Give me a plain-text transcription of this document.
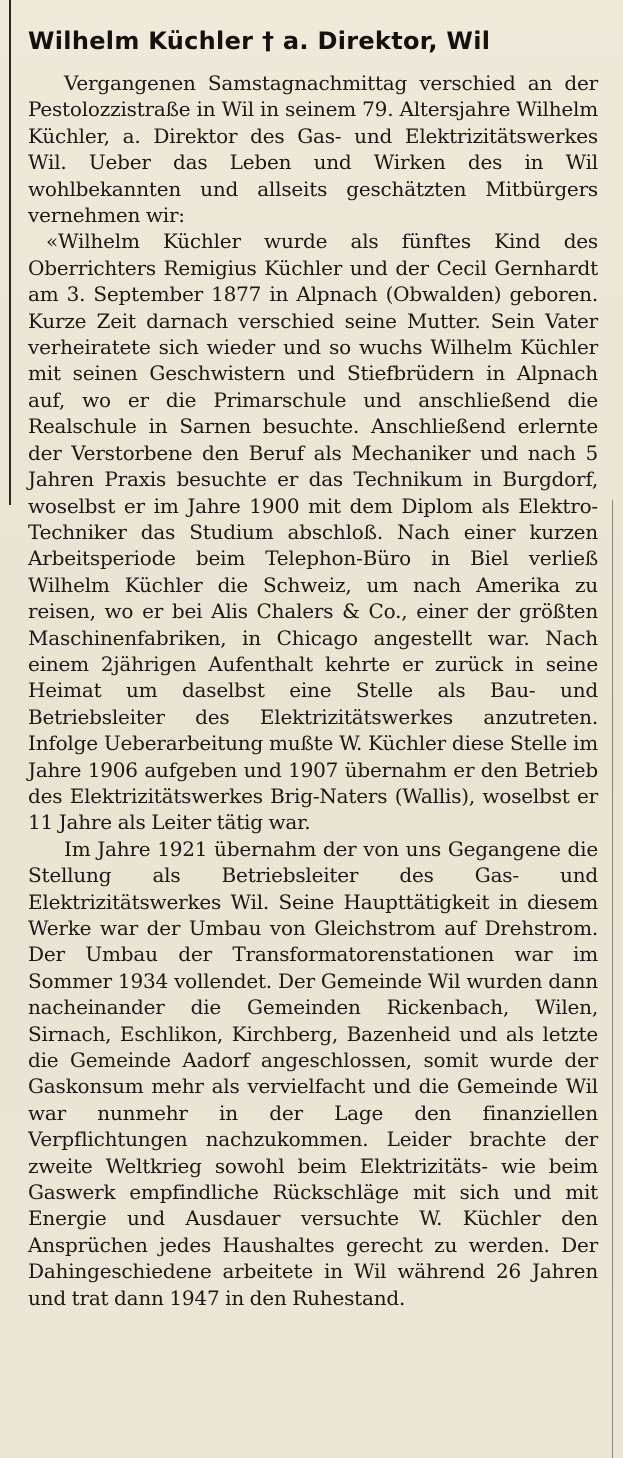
Wilhelm Küchler † a. Direktor, Wil

Vergangenen Samstagnachmittag verschied an der Pestolozzistraße in Wil in seinem 79. Altersjahre Wilhelm Küchler, a. Direktor des Gas- und Elektrizitätswerkes Wil. Ueber das Leben und Wirken des in Wil wohlbekannten und allseits geschätzten Mitbürgers vernehmen wir:

«Wilhelm Küchler wurde als fünftes Kind des Oberrichters Remigius Küchler und der Cecil Gernhardt am 3. September 1877 in Alpnach (Obwalden) geboren. Kurze Zeit darnach verschied seine Mutter. Sein Vater verheiratete sich wieder und so wuchs Wilhelm Küchler mit seinen Geschwistern und Stiefbrüdern in Alpnach auf, wo er die Primarschule und anschließend die Realschule in Sarnen besuchte. Anschließend erlernte der Verstorbene den Beruf als Mechaniker und nach 5 Jahren Praxis besuchte er das Technikum in Burgdorf, woselbst er im Jahre 1900 mit dem Diplom als Elektro-Techniker das Studium abschloß. Nach einer kurzen Arbeitsperiode beim Telephon-Büro in Biel verließ Wilhelm Küchler die Schweiz, um nach Amerika zu reisen, wo er bei Alis Chalers & Co., einer der größten Maschinenfabriken, in Chicago angestellt war. Nach einem 2jährigen Aufenthalt kehrte er zurück in seine Heimat um daselbst eine Stelle als Bau- und Betriebsleiter des Elektrizitätswerkes anzutreten. Infolge Ueberarbeitung mußte W. Küchler diese Stelle im Jahre 1906 aufgeben und 1907 übernahm er den Betrieb des Elektrizitätswerkes Brig-Naters (Wallis), woselbst er 11 Jahre als Leiter tätig war.

Im Jahre 1921 übernahm der von uns Gegangene die Stellung als Betriebsleiter des Gas- und Elektrizitätswerkes Wil. Seine Haupttätigkeit in diesem Werke war der Umbau von Gleichstrom auf Drehstrom. Der Umbau der Transformatorenstationen war im Sommer 1934 vollendet. Der Gemeinde Wil wurden dann nacheinander die Gemeinden Rickenbach, Wilen, Sirnach, Eschlikon, Kirchberg, Bazenheid und als letzte die Gemeinde Aadorf angeschlossen, somit wurde der Gaskonsum mehr als vervielfacht und die Gemeinde Wil war nunmehr in der Lage den finanziellen Verpflichtungen nachzukommen. Leider brachte der zweite Weltkrieg sowohl beim Elektrizitäts- wie beim Gaswerk empfindliche Rückschläge mit sich und mit Energie und Ausdauer versuchte W. Küchler den Ansprüchen jedes Haushaltes gerecht zu werden. Der Dahingeschiedene arbeitete in Wil während 26 Jahren und trat dann 1947 in den Ruhestand.
